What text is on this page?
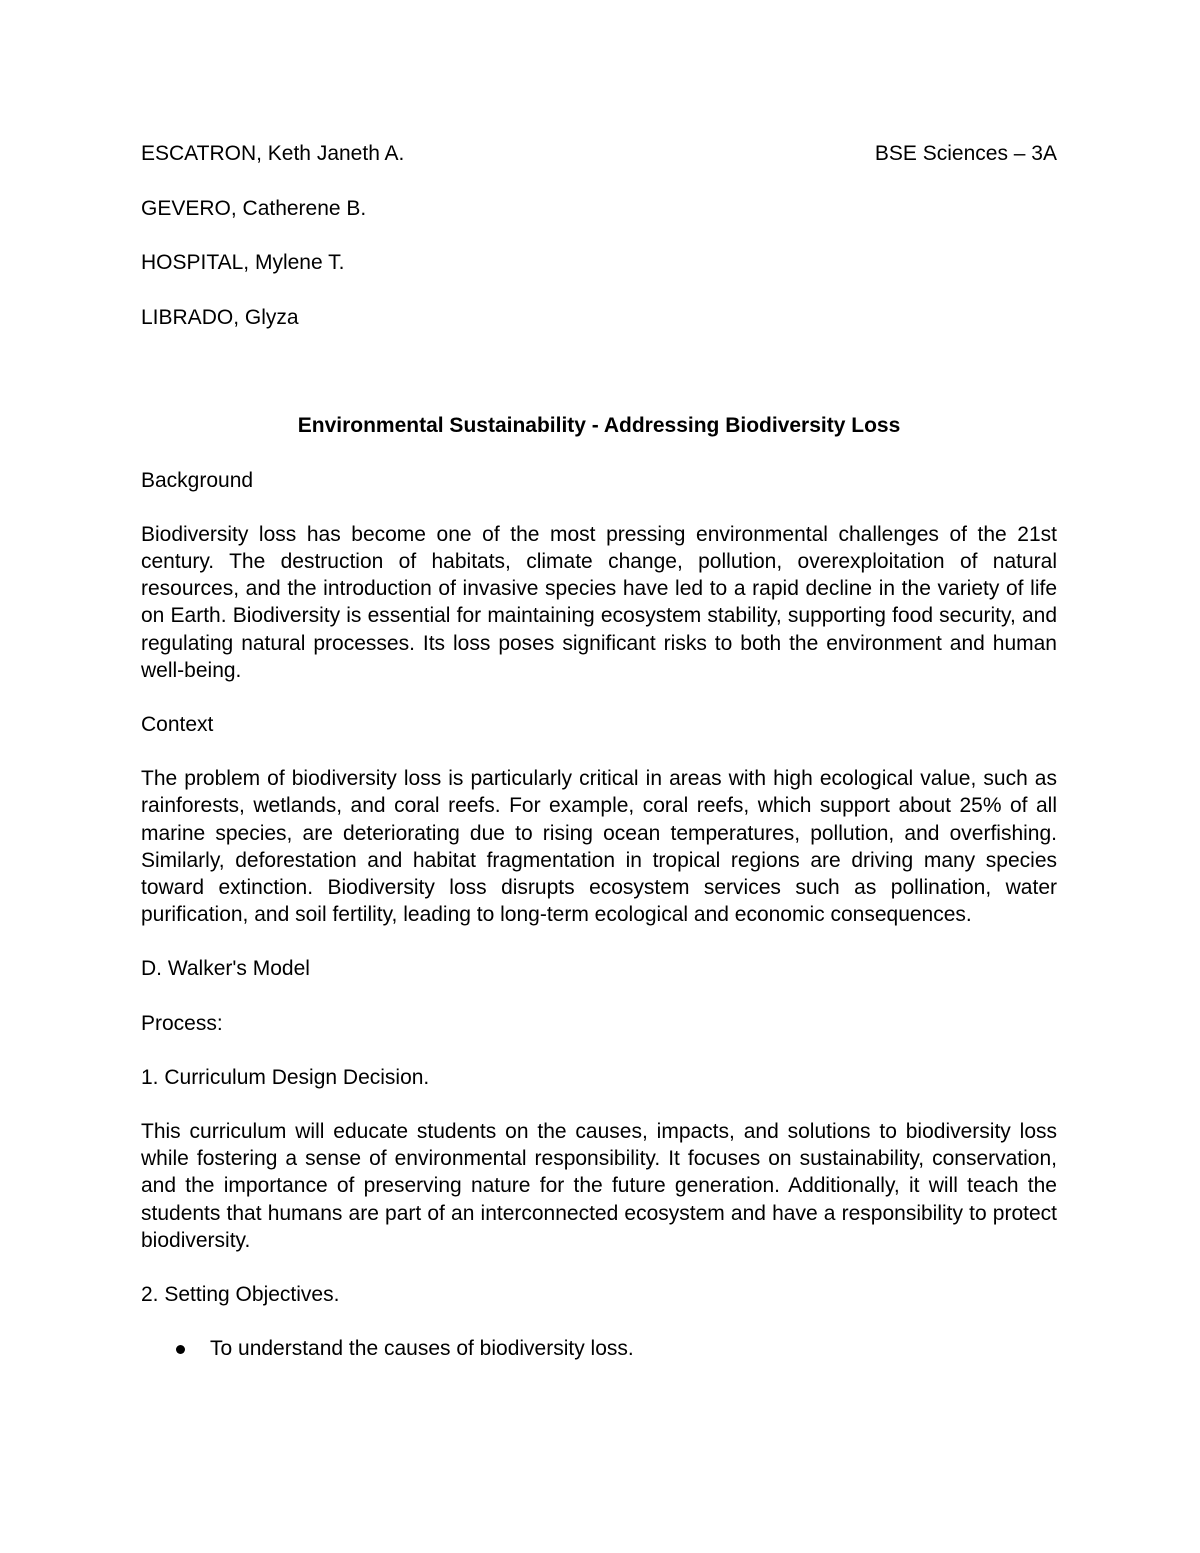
ESCATRON, Keth Janeth A.	BSE Sciences – 3A
GEVERO, Catherene B.
HOSPITAL, Mylene T.
LIBRADO, Glyza
Environmental Sustainability - Addressing Biodiversity Loss
Background
Biodiversity loss has become one of the most pressing environmental challenges of the 21st century. The destruction of habitats, climate change, pollution, overexploitation of natural resources, and the introduction of invasive species have led to a rapid decline in the variety of life on Earth. Biodiversity is essential for maintaining ecosystem stability, supporting food security, and regulating natural processes. Its loss poses significant risks to both the environment and human well-being.
Context
The problem of biodiversity loss is particularly critical in areas with high ecological value, such as rainforests, wetlands, and coral reefs. For example, coral reefs, which support about 25% of all marine species, are deteriorating due to rising ocean temperatures, pollution, and overfishing. Similarly, deforestation and habitat fragmentation in tropical regions are driving many species toward extinction. Biodiversity loss disrupts ecosystem services such as pollination, water purification, and soil fertility, leading to long-term ecological and economic consequences.
D. Walker's Model
Process:
1. Curriculum Design Decision.
This curriculum will educate students on the causes, impacts, and solutions to biodiversity loss while fostering a sense of environmental responsibility. It focuses on sustainability, conservation, and the importance of preserving nature for the future generation. Additionally, it will teach the students that humans are part of an interconnected ecosystem and have a responsibility to protect biodiversity.
2. Setting Objectives.
To understand the causes of biodiversity loss.
